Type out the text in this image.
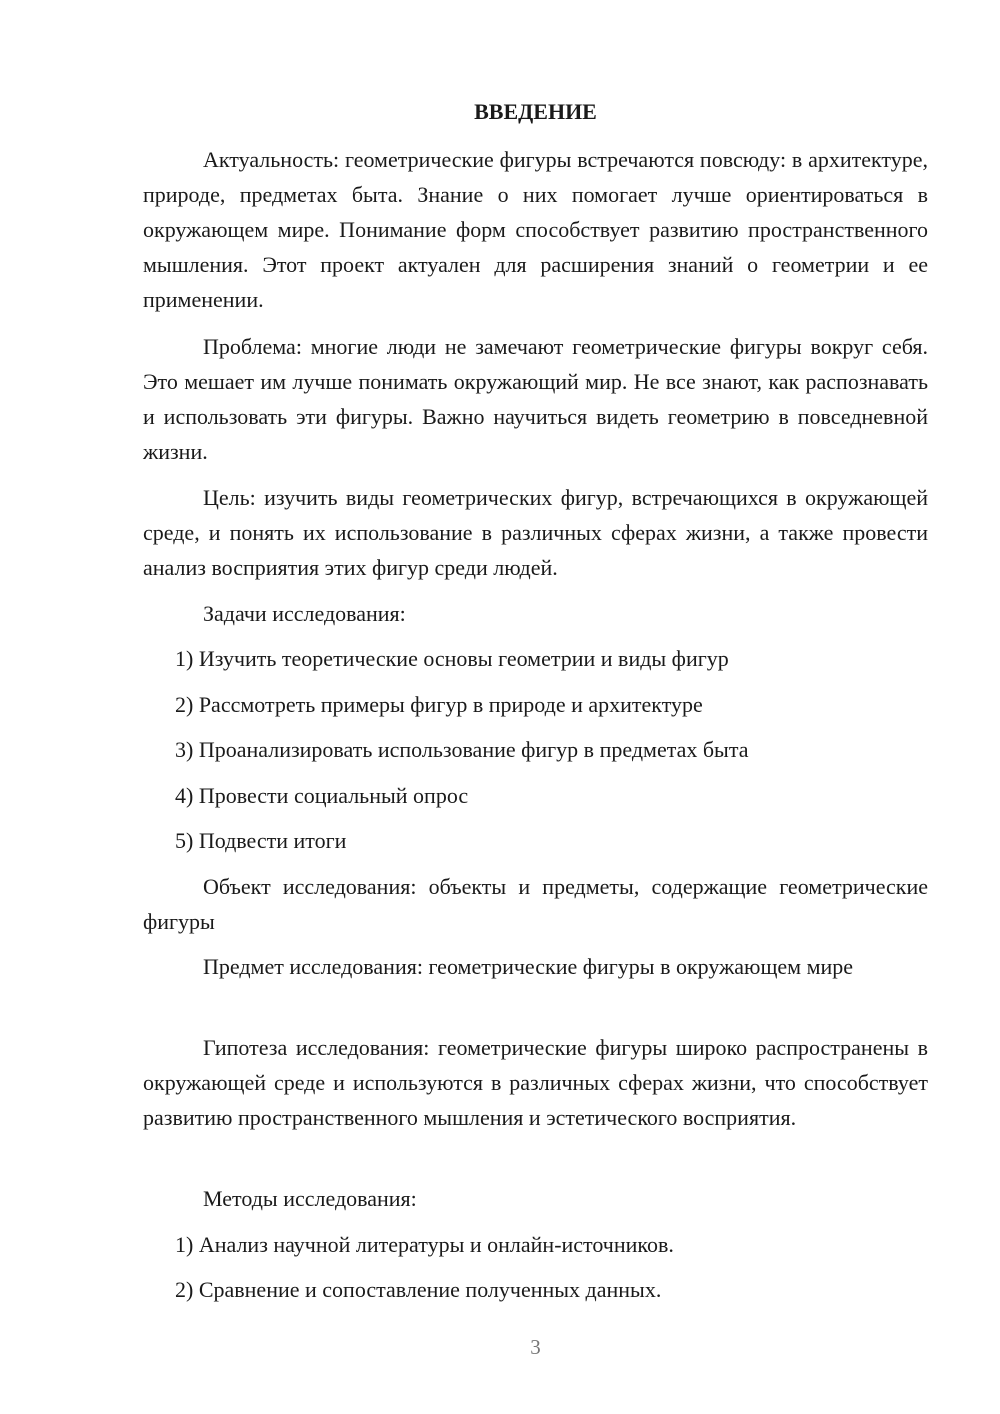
ВВЕДЕНИЕ

Актуальность: геометрические фигуры встречаются повсюду: в архитектуре, природе, предметах быта. Знание о них помогает лучше ориентироваться в окружающем мире. Понимание форм способствует развитию пространственного мышления. Этот проект актуален для расширения знаний о геометрии и ее применении.

Проблема: многие люди не замечают геометрические фигуры вокруг себя. Это мешает им лучше понимать окружающий мир. Не все знают, как распознавать и использовать эти фигуры. Важно научиться видеть геометрию в повседневной жизни.

Цель: изучить виды геометрических фигур, встречающихся в окружающей среде, и понять их использование в различных сферах жизни, а также провести анализ восприятия этих фигур среди людей.

Задачи исследования:

1) Изучить теоретические основы геометрии и виды фигур

2) Рассмотреть примеры фигур в природе и архитектуре

3) Проанализировать использование фигур в предметах быта

4) Провести социальный опрос

5) Подвести итоги

Объект исследования: объекты и предметы, содержащие геометрические фигуры

Предмет исследования: геометрические фигуры в окружающем мире

Гипотеза исследования: геометрические фигуры широко распространены в окружающей среде и используются в различных сферах жизни, что способствует развитию пространственного мышления и эстетического восприятия.

Методы исследования:

1) Анализ научной литературы и онлайн-источников.

2) Сравнение и сопоставление полученных данных.

3
